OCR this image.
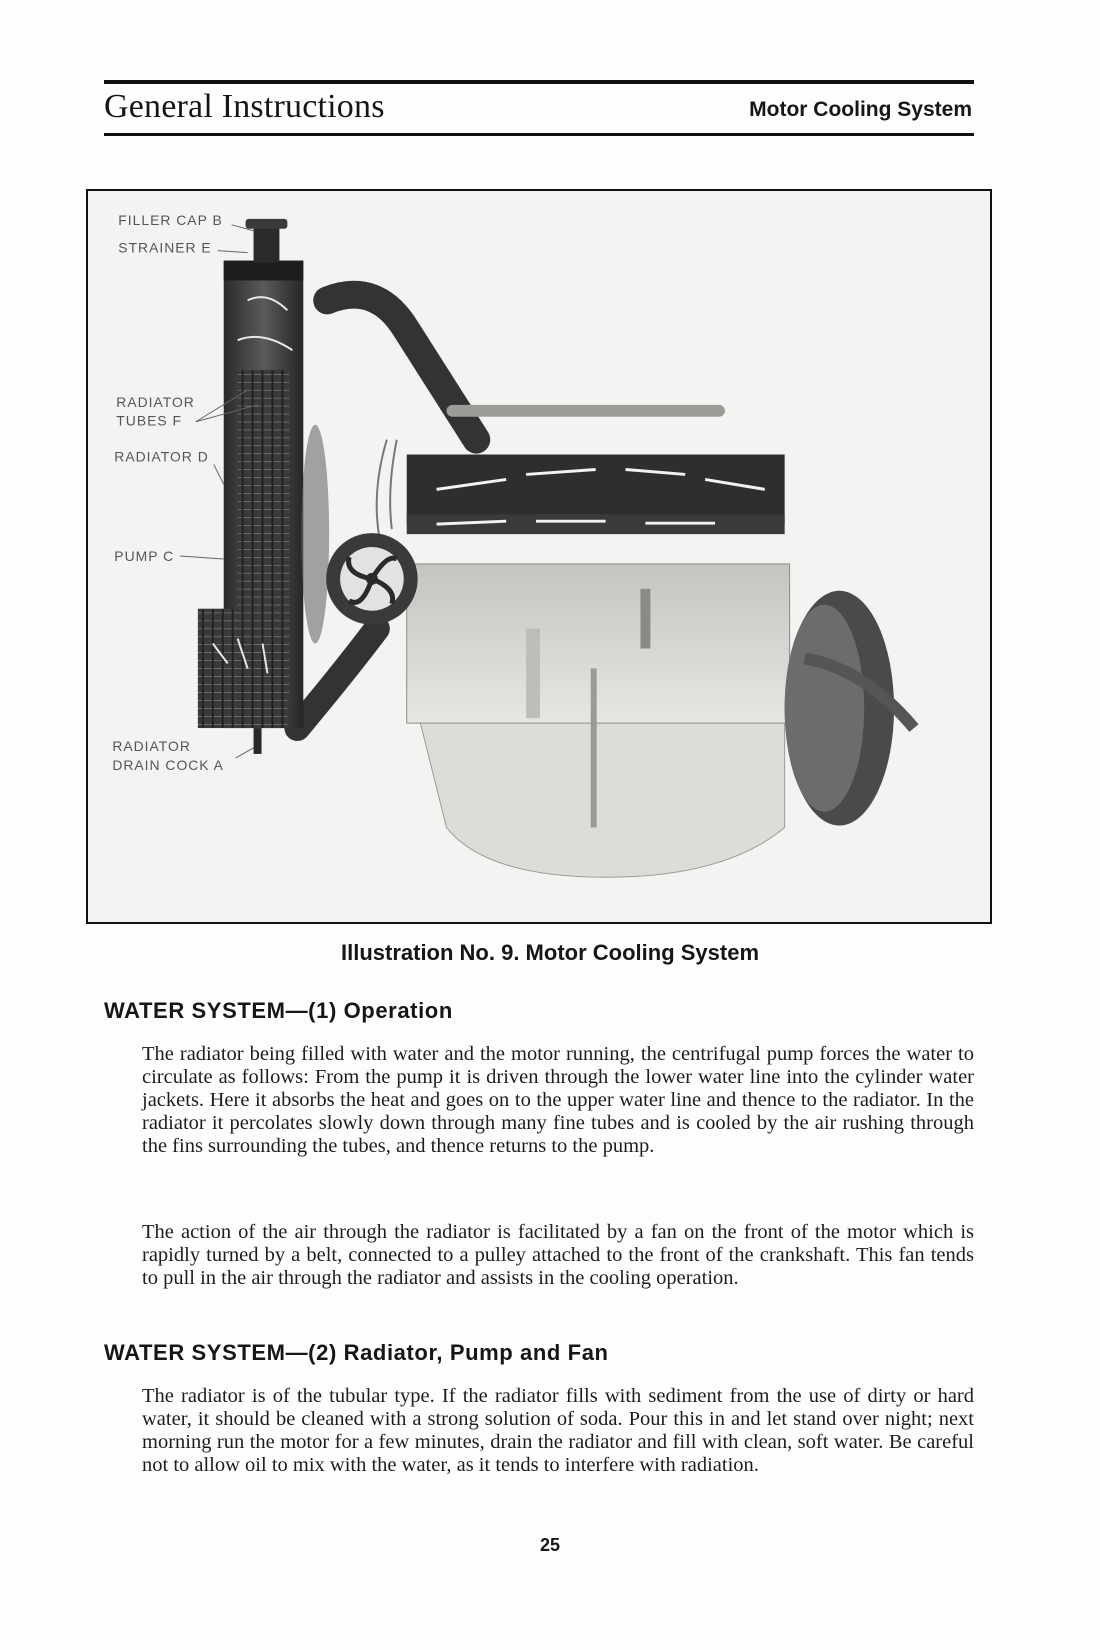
General Instructions	Motor Cooling System
FILLER CAP B
STRAINER E
RADIATOR
TUBES F
RADIATOR D
PUMP C
RADIATOR
DRAIN COCK A
Illustration No. 9. Motor Cooling System
WATER SYSTEM—(1) Operation

The radiator being filled with water and the motor running, the centrifugal pump forces the water to circulate as follows: From the pump it is driven through the lower water line into the cylinder water jackets. Here it absorbs the heat and goes on to the upper water line and thence to the radiator. In the radiator it percolates slowly down through many fine tubes and is cooled by the air rushing through the fins surrounding the tubes, and thence returns to the pump.

The action of the air through the radiator is facilitated by a fan on the front of the motor which is rapidly turned by a belt, connected to a pulley attached to the front of the crankshaft. This fan tends to pull in the air through the radiator and assists in the cooling operation.

WATER SYSTEM—(2) Radiator, Pump and Fan

The radiator is of the tubular type. If the radiator fills with sediment from the use of dirty or hard water, it should be cleaned with a strong solution of soda. Pour this in and let stand over night; next morning run the motor for a few minutes, drain the radiator and fill with clean, soft water. Be careful not to allow oil to mix with the water, as it tends to interfere with radiation.

25
